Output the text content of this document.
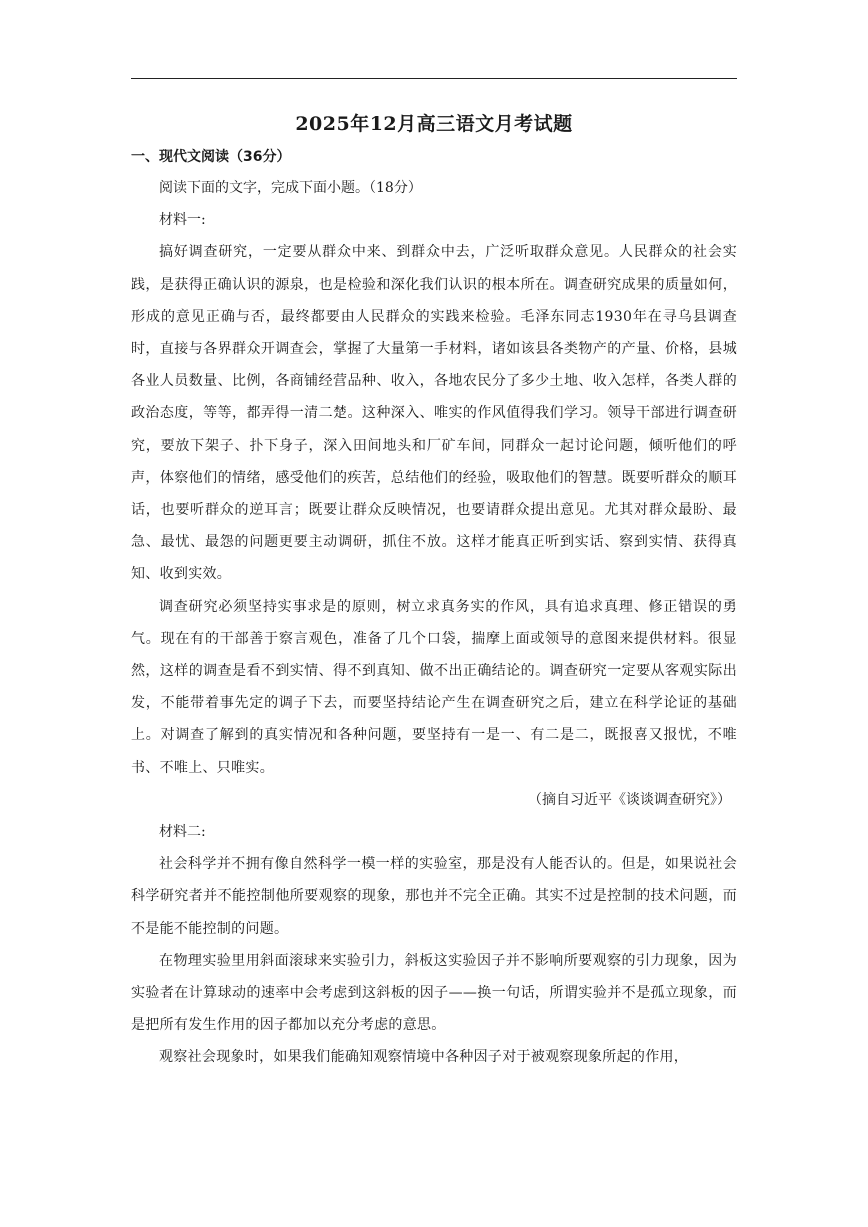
2025年12月高三语文月考试题

一、现代文阅读（36分）

阅读下面的文字，完成下面小题。（18分）

材料一:

搞好调查研究，一定要从群众中来、到群众中去，广泛听取群众意见。人民群众的社会实践，是获得正确认识的源泉，也是检验和深化我们认识的根本所在。调查研究成果的质量如何，形成的意见正确与否，最终都要由人民群众的实践来检验。毛泽东同志1930年在寻乌县调查时，直接与各界群众开调查会，掌握了大量第一手材料，诸如该县各类物产的产量、价格，县城各业人员数量、比例，各商铺经营品种、收入，各地农民分了多少土地、收入怎样，各类人群的政治态度，等等，都弄得一清二楚。这种深入、唯实的作风值得我们学习。领导干部进行调查研究，要放下架子、扑下身子，深入田间地头和厂矿车间，同群众一起讨论问题，倾听他们的呼声，体察他们的情绪，感受他们的疾苦，总结他们的经验，吸取他们的智慧。既要听群众的顺耳话，也要听群众的逆耳言；既要让群众反映情况，也要请群众提出意见。尤其对群众最盼、最急、最忧、最怨的问题更要主动调研，抓住不放。这样才能真正听到实话、察到实情、获得真知、收到实效。

调查研究必须坚持实事求是的原则，树立求真务实的作风，具有追求真理、修正错误的勇气。现在有的干部善于察言观色，准备了几个口袋，揣摩上面或领导的意图来提供材料。很显然，这样的调查是看不到实情、得不到真知、做不出正确结论的。调查研究一定要从客观实际出发，不能带着事先定的调子下去，而要坚持结论产生在调查研究之后，建立在科学论证的基础上。对调查了解到的真实情况和各种问题，要坚持有一是一、有二是二，既报喜又报忧，不唯书、不唯上、只唯实。

（摘自习近平《谈谈调查研究》）

材料二:

社会科学并不拥有像自然科学一模一样的实验室，那是没有人能否认的。但是，如果说社会科学研究者并不能控制他所要观察的现象，那也并不完全正确。其实不过是控制的技术问题，而不是能不能控制的问题。

在物理实验里用斜面滚球来实验引力，斜板这实验因子并不影响所要观察的引力现象，因为实验者在计算球动的速率中会考虑到这斜板的因子——换一句话，所谓实验并不是孤立现象，而是把所有发生作用的因子都加以充分考虑的意思。

观察社会现象时，如果我们能确知观察情境中各种因子对于被观察现象所起的作用，
